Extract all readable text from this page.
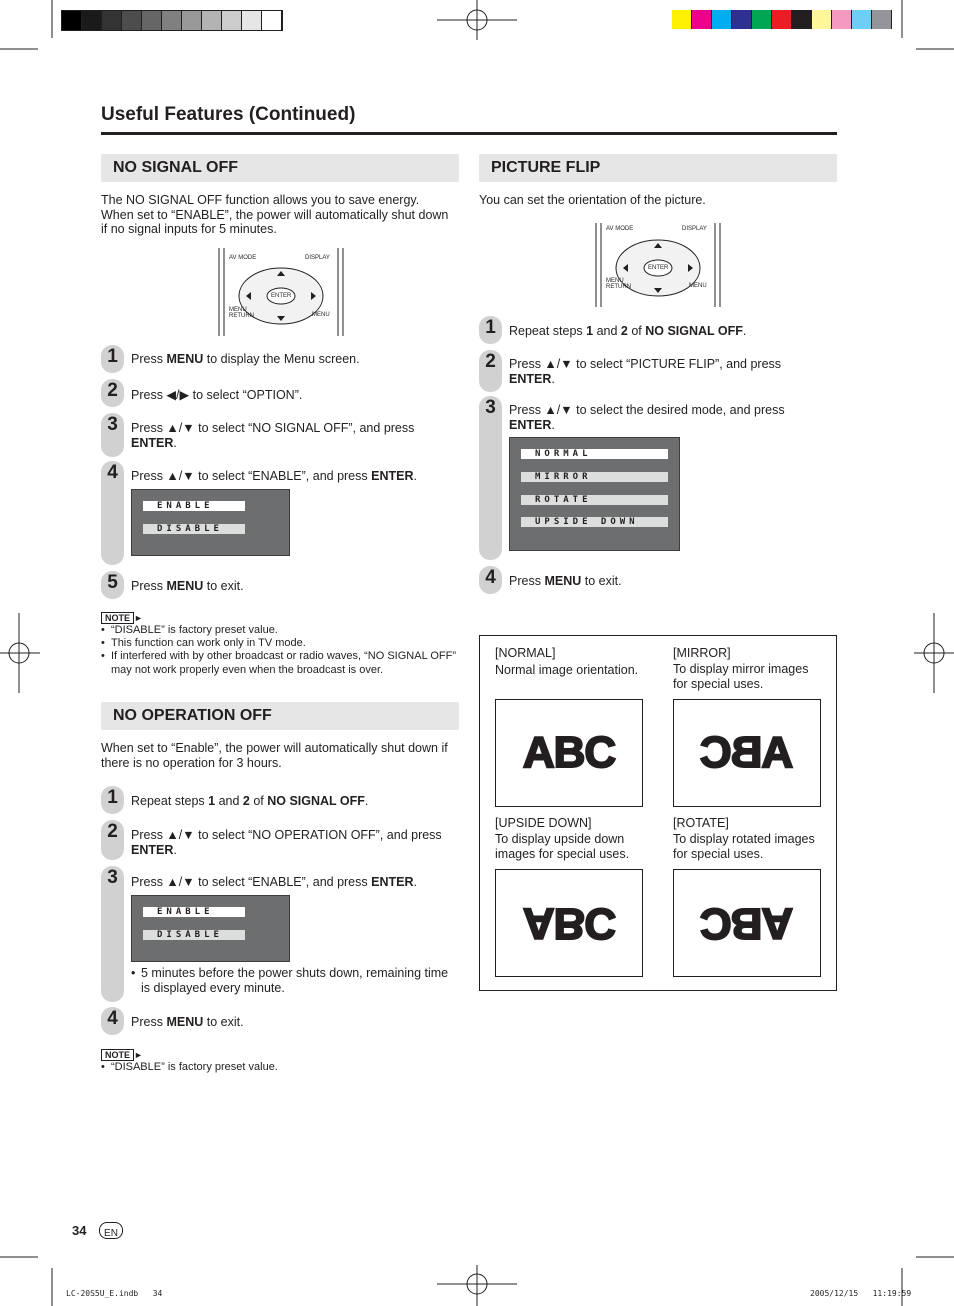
Useful Features (Continued)
NO SIGNAL OFF
The NO SIGNAL OFF function allows you to save energy. When set to “ENABLE”, the power will automatically shut down if no signal inputs for 5 minutes.
AV MODE	DISPLAY
ENTER
MENU
RETURN	MENU
1	Press MENU to display the Menu screen.
2	Press ◀/▶ to select “OPTION”.
3	Press ▲/▼ to select “NO SIGNAL OFF”, and press ENTER.
4	Press ▲/▼ to select “ENABLE”, and press ENTER.
ENABLE
DISABLE
5	Press MENU to exit.
NOTE ►
•  “DISABLE” is factory preset value.
•  This function can work only in TV mode.
• If interfered with by other broadcast or radio waves, “NO SIGNAL OFF” may not work properly even when the broadcast is over.
NO OPERATION OFF
When set to “Enable”, the power will automatically shut down if there is no operation for 3 hours.
1	Repeat steps 1 and 2 of NO SIGNAL OFF.
2	Press ▲/▼ to select “NO OPERATION OFF”, and press ENTER.
3	Press ▲/▼ to select “ENABLE”, and press ENTER.
ENABLE
DISABLE
• 5 minutes before the power shuts down, remaining time is displayed every minute.
4	Press MENU to exit.
NOTE ►
•  “DISABLE” is factory preset value.
PICTURE FLIP
You can set the orientation of the picture.
AV MODE	DISPLAY
ENTER
MENU
RETURN	MENU
1	Repeat steps 1 and 2 of NO SIGNAL OFF.
2	Press ▲/▼ to select “PICTURE FLIP”, and press ENTER.
3	Press ▲/▼ to select the desired mode, and press ENTER.
NORMAL
MIRROR
ROTATE
UPSIDE DOWN
4	Press MENU to exit.
[NORMAL]
Normal image orientation.
ABC
[MIRROR]
To display mirror images for special uses.
ABC
[UPSIDE DOWN]
To display upside down images for special uses.
ABC
[ROTATE]
To display rotated images for special uses.
ABC
34	EN
LC-20S5U_E.indb   34	2005/12/15   11:19:59
